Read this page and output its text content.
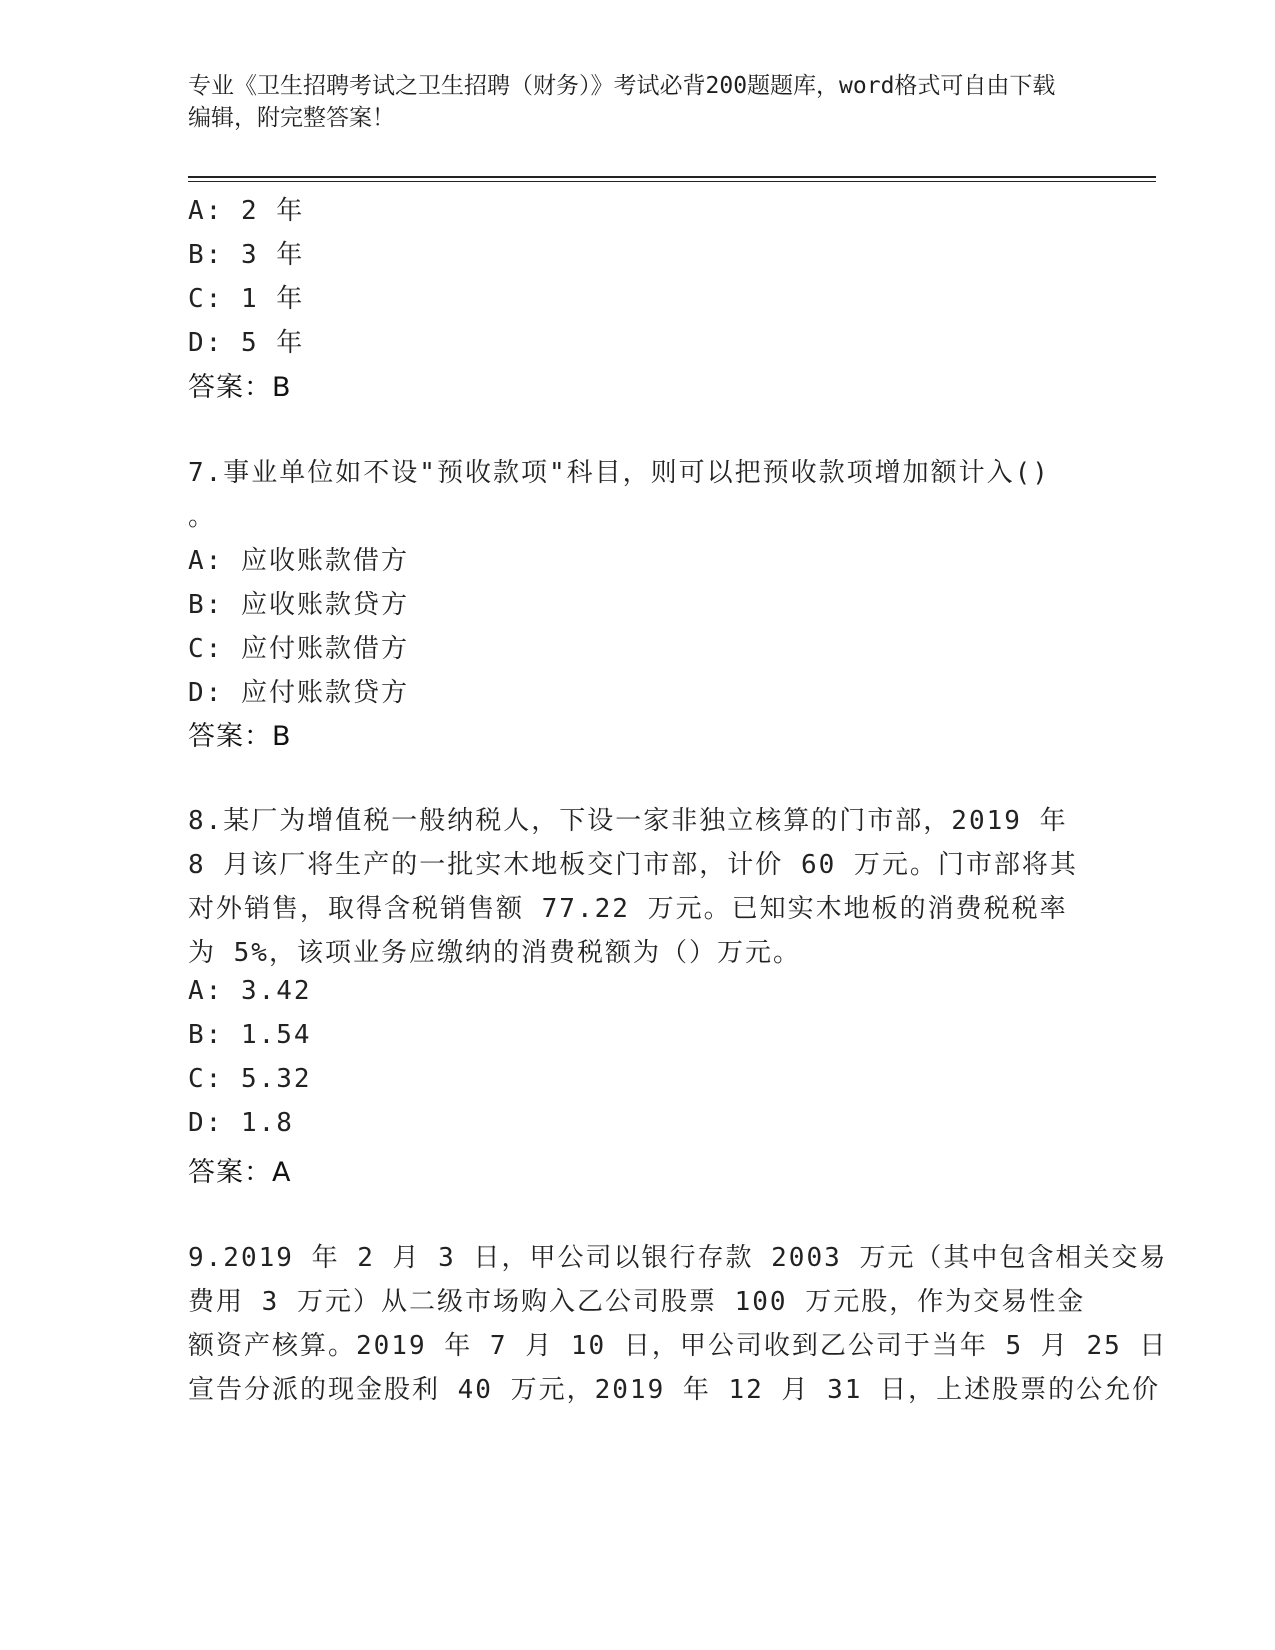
专业《卫生招聘考试之卫生招聘（财务）》考试必背200题题库，word格式可自由下载编辑，附完整答案！
A: 2 年
B: 3 年
C: 1 年
D: 5 年
答案：B
7.事业单位如不设"预收款项"科目，则可以把预收款项增加额计入()
。
A: 应收账款借方
B: 应收账款贷方
C: 应付账款借方
D: 应付账款贷方
答案：B
8.某厂为增值税一般纳税人，下设一家非独立核算的门市部，2019 年
8 月该厂将生产的一批实木地板交门市部，计价 60 万元。门市部将其
对外销售，取得含税销售额 77.22 万元。已知实木地板的消费税税率
为 5%，该项业务应缴纳的消费税额为（）万元。
A: 3.42
B: 1.54
C: 5.32
D: 1.8
答案：A
9.2019 年 2 月 3 日，甲公司以银行存款 2003 万元（其中包含相关交易
费用 3 万元）从二级市场购入乙公司股票 100 万元股，作为交易性金
额资产核算。2019 年 7 月 10 日，甲公司收到乙公司于当年 5 月 25 日
宣告分派的现金股利 40 万元，2019 年 12 月 31 日，上述股票的公允价
